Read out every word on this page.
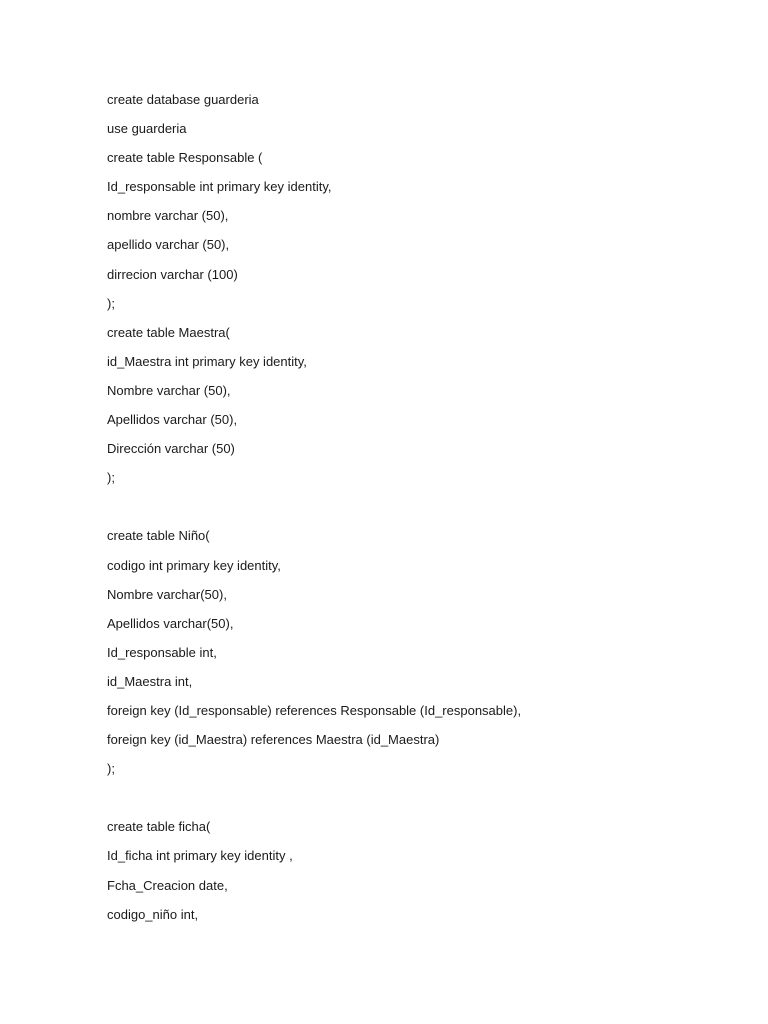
create database guarderia
use guarderia
create table Responsable (
Id_responsable int primary key identity,
nombre varchar (50),
apellido varchar (50),
dirrecion varchar (100)
);
create table Maestra(
id_Maestra int primary key identity,
Nombre varchar (50),
Apellidos varchar (50),
Dirección varchar (50)
);
create table Niño(
codigo int primary key identity,
Nombre varchar(50),
Apellidos varchar(50),
Id_responsable int,
id_Maestra int,
foreign key (Id_responsable) references Responsable (Id_responsable),
foreign key (id_Maestra) references Maestra (id_Maestra)
);
create table ficha(
Id_ficha int primary key identity ,
Fcha_Creacion date,
codigo_niño int,
